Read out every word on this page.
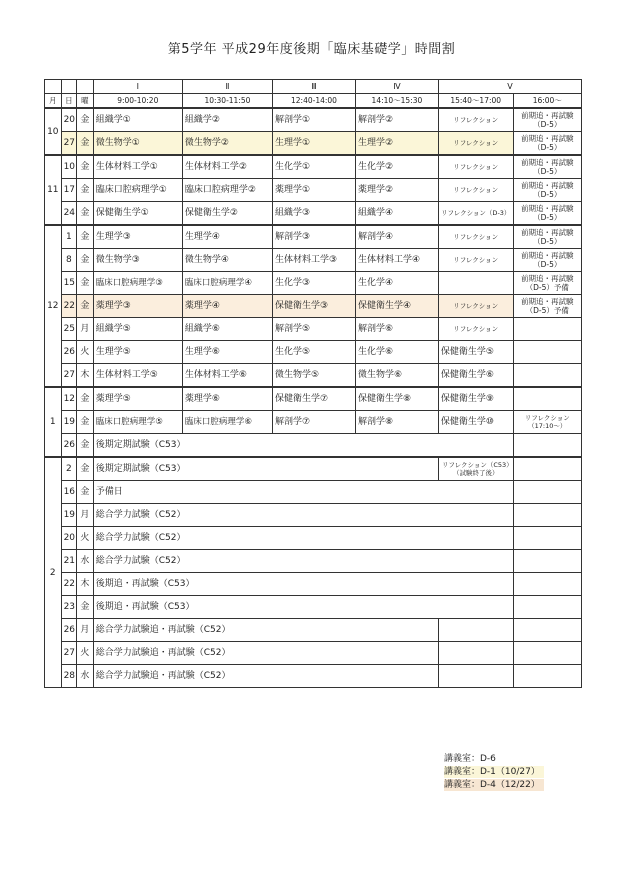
第5学年 平成29年度後期「臨床基礎学」時間割
			Ⅰ	Ⅱ	Ⅲ	Ⅳ	Ⅴ	
月	日	曜	9:00-10:20	10:30-11:50	12:40-14:00	14:10～15:30	15:40～17:00	16:00～
10	20	金	組織学①	組織学②	解剖学①	解剖学②	リフレクション	前期追・再試験（D-5）
	27	金	微生物学①	微生物学②	生理学①	生理学②	リフレクション	前期追・再試験（D-5）
11	10	金	生体材料工学①	生体材料工学②	生化学①	生化学②	リフレクション	前期追・再試験（D-5）
	17	金	臨床口腔病理学①	臨床口腔病理学②	薬理学①	薬理学②	リフレクション	前期追・再試験（D-5）
	24	金	保健衛生学①	保健衛生学②	組織学③	組織学④	リフレクション（D-3）	前期追・再試験（D-5）
12	1	金	生理学③	生理学④	解剖学③	解剖学④	リフレクション	前期追・再試験（D-5）
	8	金	微生物学③	微生物学④	生体材料工学③	生体材料工学④	リフレクション	前期追・再試験（D-5）
	15	金	臨床口腔病理学③	臨床口腔病理学④	生化学③	生化学④		前期追・再試験（D-5）予備
	22	金	薬理学③	薬理学④	保健衛生学③	保健衛生学④	リフレクション	前期追・再試験（D-5）予備
	25	月	組織学⑤	組織学⑥	解剖学⑤	解剖学⑥	リフレクション	
	26	火	生理学⑤	生理学⑥	生化学⑤	生化学⑥	保健衛生学⑤	
	27	木	生体材料工学⑤	生体材料工学⑥	微生物学⑤	微生物学⑥	保健衛生学⑥	
1	12	金	薬理学⑤	薬理学⑥	保健衛生学⑦	保健衛生学⑧	保健衛生学⑨	
	19	金	臨床口腔病理学⑤	臨床口腔病理学⑥	解剖学⑦	解剖学⑧	保健衛生学⑩	リフレクション（17:10～）
	26	金	後期定期試験（C53）					
2	2	金	後期定期試験（C53）				リフレクション（C53）（試験終了後）	
	16	金	予備日					
	19	月	総合学力試験（C52）					
	20	火	総合学力試験（C52）					
	21	水	総合学力試験（C52）					
	22	木	後期追・再試験（C53）					
	23	金	後期追・再試験（C53）					
	26	月	総合学力試験追・再試験（C52）					
	27	火	総合学力試験追・再試験（C52）					
	28	水	総合学力試験追・再試験（C52）					
講義室：D-6
講義室：D-1（10/27）
講義室：D-4（12/22）
